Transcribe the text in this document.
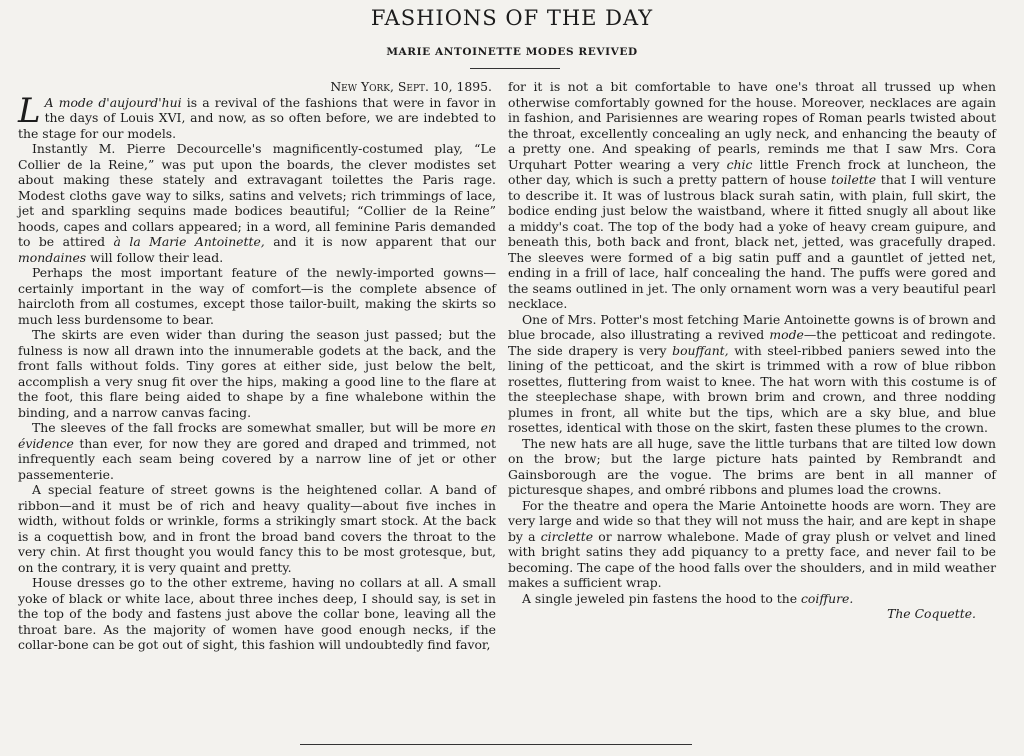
FASHIONS OF THE DAY
MARIE ANTOINETTE MODES REVIVED

New York, Sept. 10, 1895.

L A mode d'aujourd'hui is a revival of the fashions that were in favor in the days of Louis XVI, and now, as so often before, we are indebted to the stage for our models.

Instantly M. Pierre Decourcelle's magnificently-costumed play, “Le Collier de la Reine,” was put upon the boards, the clever modistes set about making these stately and extravagant toilettes the Paris rage. Modest cloths gave way to silks, satins and velvets; rich trimmings of lace, jet and sparkling sequins made bodices beautiful; “Collier de la Reine” hoods, capes and collars appeared; in a word, all feminine Paris demanded to be attired à la Marie Antoinette, and it is now apparent that our mondaines will follow their lead.

Perhaps the most important feature of the newly-imported gowns—certainly important in the way of comfort—is the complete absence of haircloth from all costumes, except those tailor-built, making the skirts so much less burdensome to bear.

The skirts are even wider than during the season just passed; but the fulness is now all drawn into the innumerable godets at the back, and the front falls without folds. Tiny gores at either side, just below the belt, accomplish a very snug fit over the hips, making a good line to the flare at the foot, this flare being aided to shape by a fine whalebone within the binding, and a narrow canvas facing.

The sleeves of the fall frocks are somewhat smaller, but will be more en évidence than ever, for now they are gored and draped and trimmed, not infrequently each seam being covered by a narrow line of jet or other passementerie.

A special feature of street gowns is the heightened collar. A band of ribbon—and it must be of rich and heavy quality—about five inches in width, without folds or wrinkle, forms a strikingly smart stock. At the back is a coquettish bow, and in front the broad band covers the throat to the very chin. At first thought you would fancy this to be most grotesque, but, on the contrary, it is very quaint and pretty.

House dresses go to the other extreme, having no collars at all. A small yoke of black or white lace, about three inches deep, I should say, is set in the top of the body and fastens just above the collar bone, leaving all the throat bare. As the majority of women have good enough necks, if the collar-bone can be got out of sight, this fashion will undoubtedly find favor,

for it is not a bit comfortable to have one's throat all trussed up when otherwise comfortably gowned for the house. Moreover, necklaces are again in fashion, and Parisiennes are wearing ropes of Roman pearls twisted about the throat, excellently concealing an ugly neck, and enhancing the beauty of a pretty one. And speaking of pearls, reminds me that I saw Mrs. Cora Urquhart Potter wearing a very chic little French frock at luncheon, the other day, which is such a pretty pattern of house toilette that I will venture to describe it. It was of lustrous black surah satin, with plain, full skirt, the bodice ending just below the waistband, where it fitted snugly all about like a middy's coat. The top of the body had a yoke of heavy cream guipure, and beneath this, both back and front, black net, jetted, was gracefully draped. The sleeves were formed of a big satin puff and a gauntlet of jetted net, ending in a frill of lace, half concealing the hand. The puffs were gored and the seams outlined in jet. The only ornament worn was a very beautiful pearl necklace.

One of Mrs. Potter's most fetching Marie Antoinette gowns is of brown and blue brocade, also illustrating a revived mode—the petticoat and redingote. The side drapery is very bouffant, with steel-ribbed paniers sewed into the lining of the petticoat, and the skirt is trimmed with a row of blue ribbon rosettes, fluttering from waist to knee. The hat worn with this costume is of the steeplechase shape, with brown brim and crown, and three nodding plumes in front, all white but the tips, which are a sky blue, and blue rosettes, identical with those on the skirt, fasten these plumes to the crown.

The new hats are all huge, save the little turbans that are tilted low down on the brow; but the large picture hats painted by Rembrandt and Gainsborough are the vogue. The brims are bent in all manner of picturesque shapes, and ombré ribbons and plumes load the crowns.

For the theatre and opera the Marie Antoinette hoods are worn. They are very large and wide so that they will not muss the hair, and are kept in shape by a circlette or narrow whalebone. Made of gray plush or velvet and lined with bright satins they add piquancy to a pretty face, and never fail to be becoming. The cape of the hood falls over the shoulders, and in mild weather makes a sufficient wrap.

A single jeweled pin fastens the hood to the coiffure.

The Coquette.
